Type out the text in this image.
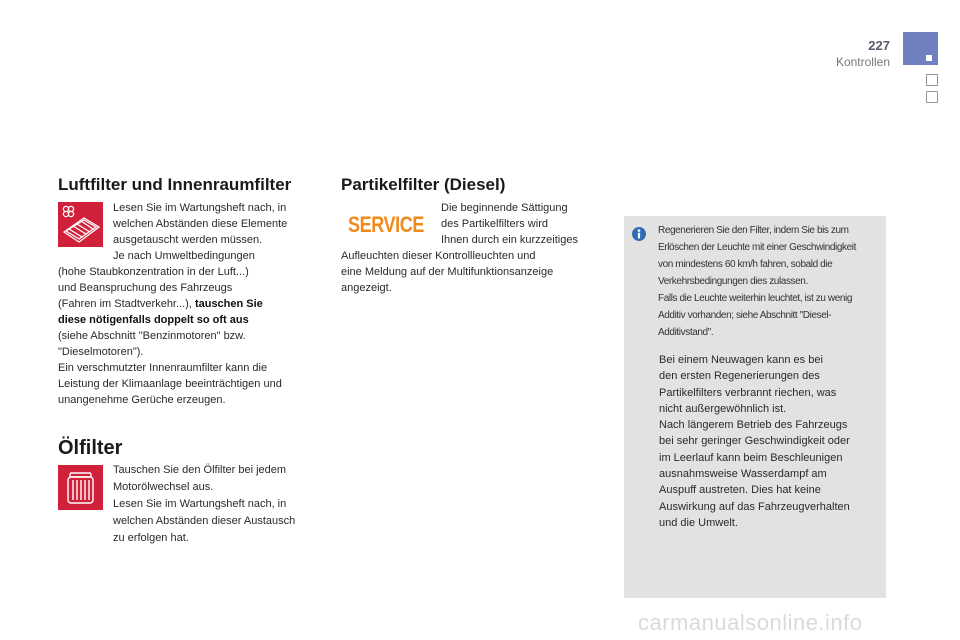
227
Kontrollen
Luftfilter und Innenraumfilter

Lesen Sie im Wartungsheft nach, in

welchen Abständen diese Elemente

ausgetauscht werden müssen.

Je nach Umweltbedingungen

(hohe Staubkonzentration in der Luft...)

und Beanspruchung des Fahrzeugs

(Fahren im Stadtverkehr...), tauschen Sie

diese nötigenfalls doppelt so oft aus

(siehe Abschnitt "Benzinmotoren" bzw.

"Dieselmotoren").

Ein verschmutzter Innenraumfilter kann die

Leistung der Klimaanlage beeinträchtigen und

unangenehme Gerüche erzeugen.

Ölfilter

Tauschen Sie den Ölfilter bei jedem

Motorölwechsel aus.

Lesen Sie im Wartungsheft nach, in

welchen Abständen dieser Austausch

zu erfolgen hat.

Partikelfilter (Diesel)
SERVICE

Die beginnende Sättigung

des Partikelfilters wird

Ihnen durch ein kurzzeitiges

Aufleuchten dieser Kontrollleuchten und

eine Meldung auf der Multifunktionsanzeige

angezeigt.

Regenerieren Sie den Filter, indem Sie bis zum

Erlöschen der Leuchte mit einer Geschwindigkeit

von mindestens 60 km/h fahren, sobald die

Verkehrsbedingungen dies zulassen.

Falls die Leuchte weiterhin leuchtet, ist zu wenig

Additiv vorhanden; siehe Abschnitt "Diesel-

Additivstand".

Bei einem Neuwagen kann es bei

den ersten Regenerierungen des

Partikelfilters verbrannt riechen, was

nicht außergewöhnlich ist.

Nach längerem Betrieb des Fahrzeugs

bei sehr geringer Geschwindigkeit oder

im Leerlauf kann beim Beschleunigen

ausnahmsweise Wasserdampf am

Auspuff austreten. Dies hat keine

Auswirkung auf das Fahrzeugverhalten

und die Umwelt.

carmanualsonline.info
